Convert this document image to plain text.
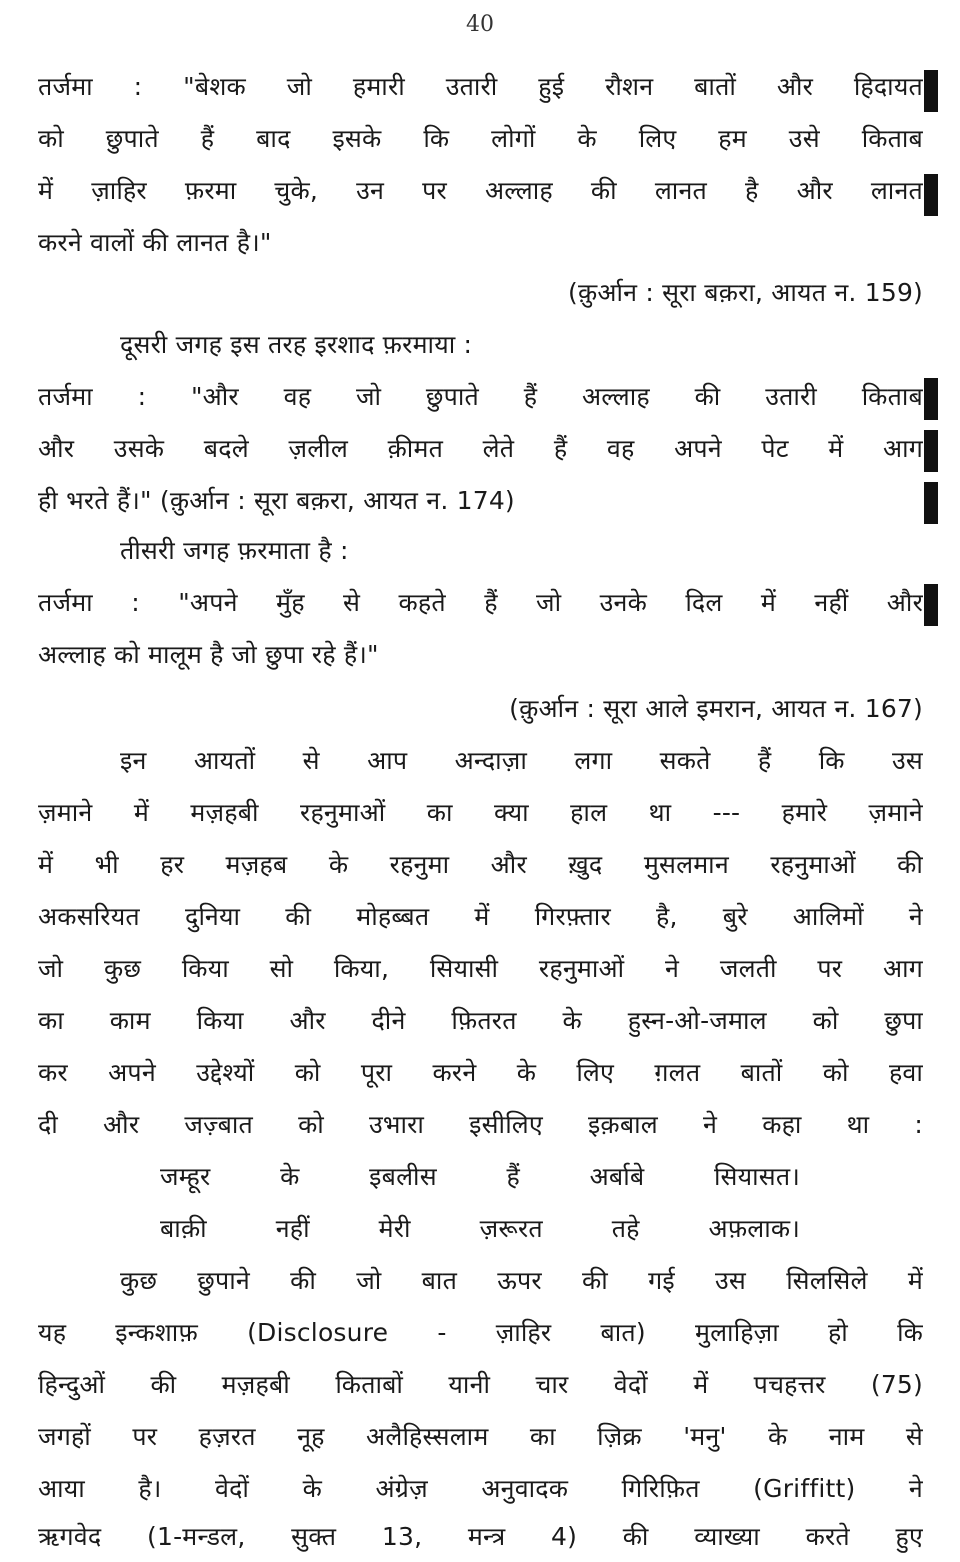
40
तर्जमा : "बेशक जो हमारी उतारी हुई रौशन बातों और हिदायत
को छुपाते हैं बाद इसके कि लोगों के लिए हम उसे किताब
में ज़ाहिर फ़रमा चुके, उन पर अल्लाह की लानत है और लानत
करने वालों की लानत है।"
(क़ुर्आन : सूरा बक़रा, आयत न. 159)
दूसरी जगह इस तरह इरशाद फ़रमाया :
तर्जमा : "और वह जो छुपाते हैं अल्लाह की उतारी किताब
और उसके बदले ज़लील क़ीमत लेते हैं वह अपने पेट में आग
ही भरते हैं।" (क़ुर्आन : सूरा बक़रा, आयत न. 174)
तीसरी जगह फ़रमाता है :
तर्जमा : "अपने मुँह से कहते हैं जो उनके दिल में नहीं और
अल्लाह को मालूम है जो छुपा रहे हैं।"
(क़ुर्आन : सूरा आले इमरान, आयत न. 167)
इन आयतों से आप अन्दाज़ा लगा सकते हैं कि उस
ज़माने में मज़हबी रहनुमाओं का क्या हाल था --- हमारे ज़माने
में भी हर मज़हब के रहनुमा और ख़ुद मुसलमान रहनुमाओं की
अकसरियत दुनिया की मोहब्बत में गिरफ़्तार है, बुरे आलिमों ने
जो कुछ किया सो किया, सियासी रहनुमाओं ने जलती पर आग
का काम किया और दीने फ़ितरत के हुस्न-ओ-जमाल को छुपा
कर अपने उद्देश्यों को पूरा करने के लिए ग़लत बातों को हवा
दी और जज़्बात को उभारा इसीलिए इक़बाल ने कहा था :
जम्हूर के इबलीस हैं अर्बाबे सियासत।
बाक़ी नहीं मेरी ज़रूरत तहे अफ़लाक।
कुछ छुपाने की जो बात ऊपर की गई उस सिलसिले में
यह इन्कशाफ़ (Disclosure - ज़ाहिर बात) मुलाहिज़ा हो कि
हिन्दुओं की मज़हबी किताबों यानी चार वेदों में पचहत्तर (75)
जगहों पर हज़रत नूह अलैहिस्सलाम का ज़िक्र 'मनु' के नाम से
आया है। वेदों के अंग्रेज़ अनुवादक गिरिफ़ित (Griffitt) ने
ऋगवेद (1-मन्डल, सुक्त 13, मन्त्र 4) की व्याख्या करते हुए
